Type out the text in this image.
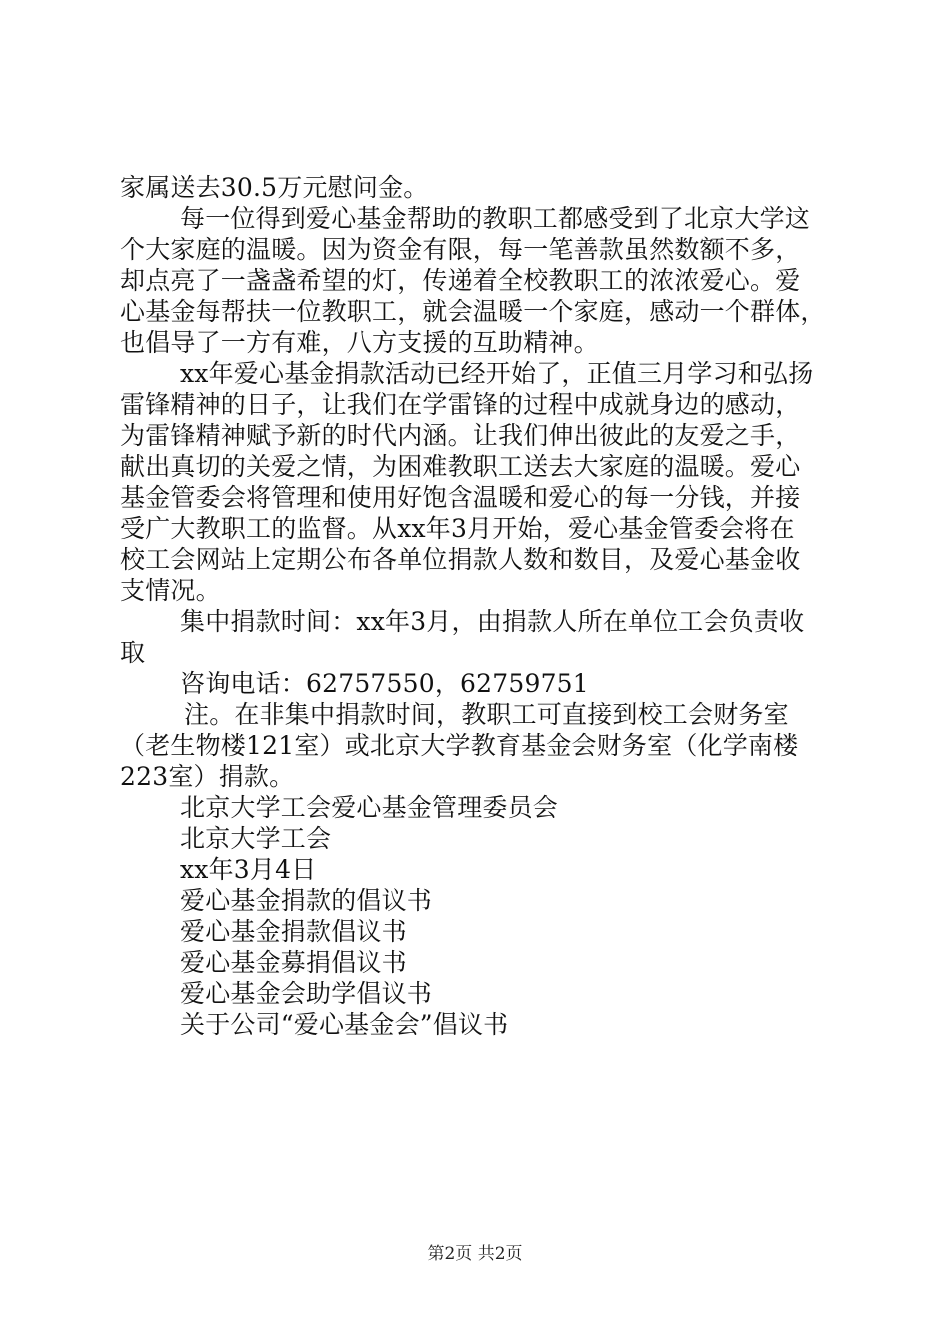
家属送去30.5万元慰问金。
每一位得到爱心基金帮助的教职工都感受到了北京大学这
个大家庭的温暖。因为资金有限，每一笔善款虽然数额不多，
却点亮了一盏盏希望的灯，传递着全校教职工的浓浓爱心。爱
心基金每帮扶一位教职工，就会温暖一个家庭，感动一个群体，
也倡导了一方有难，八方支援的互助精神。
xx年爱心基金捐款活动已经开始了，正值三月学习和弘扬
雷锋精神的日子，让我们在学雷锋的过程中成就身边的感动，
为雷锋精神赋予新的时代内涵。让我们伸出彼此的友爱之手，
献出真切的关爱之情，为困难教职工送去大家庭的温暖。爱心
基金管委会将管理和使用好饱含温暖和爱心的每一分钱，并接
受广大教职工的监督。从xx年3月开始，爱心基金管委会将在
校工会网站上定期公布各单位捐款人数和数目，及爱心基金收
支情况。
集中捐款时间：xx年3月，由捐款人所在单位工会负责收
取
咨询电话：62757550，62759751
注。在非集中捐款时间，教职工可直接到校工会财务室
（老生物楼121室）或北京大学教育基金会财务室（化学南楼
223室）捐款。
北京大学工会爱心基金管理委员会
北京大学工会
xx年3月4日
爱心基金捐款的倡议书
爱心基金捐款倡议书
爱心基金募捐倡议书
爱心基金会助学倡议书
关于公司“爱心基金会”倡议书
第2页 共2页
